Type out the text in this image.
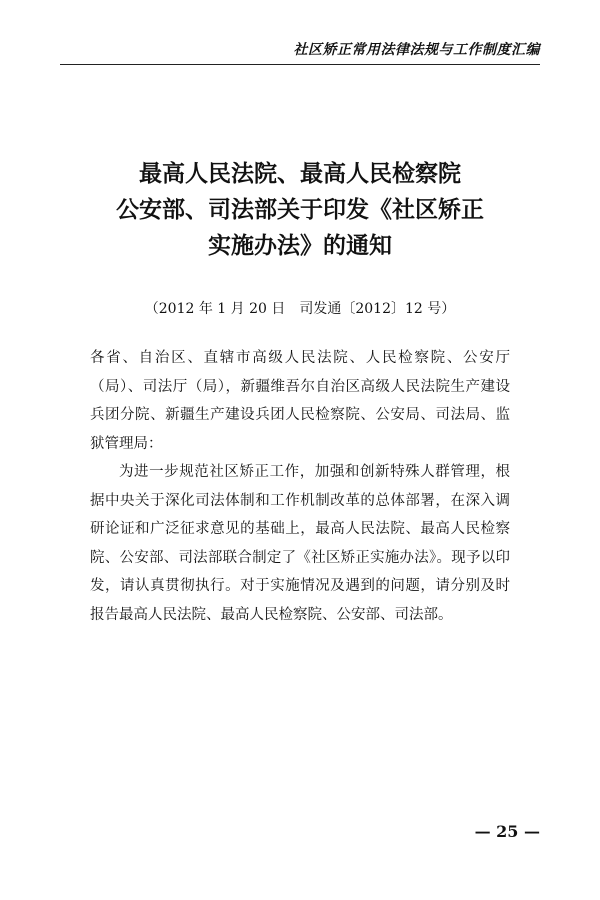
社区矫正常用法律法规与工作制度汇编
最高人民法院、最高人民检察院
公安部、司法部关于印发《社区矫正
实施办法》的通知
（2012 年 1 月 20 日　司发通〔2012〕12 号）

各省、自治区、直辖市高级人民法院、人民检察院、公安厅（局）、司法厅（局），新疆维吾尔自治区高级人民法院生产建设兵团分院、新疆生产建设兵团人民检察院、公安局、司法局、监狱管理局：

为进一步规范社区矫正工作，加强和创新特殊人群管理，根据中央关于深化司法体制和工作机制改革的总体部署，在深入调研论证和广泛征求意见的基础上，最高人民法院、最高人民检察院、公安部、司法部联合制定了《社区矫正实施办法》。现予以印发，请认真贯彻执行。对于实施情况及遇到的问题，请分别及时报告最高人民法院、最高人民检察院、公安部、司法部。

— 25 —
